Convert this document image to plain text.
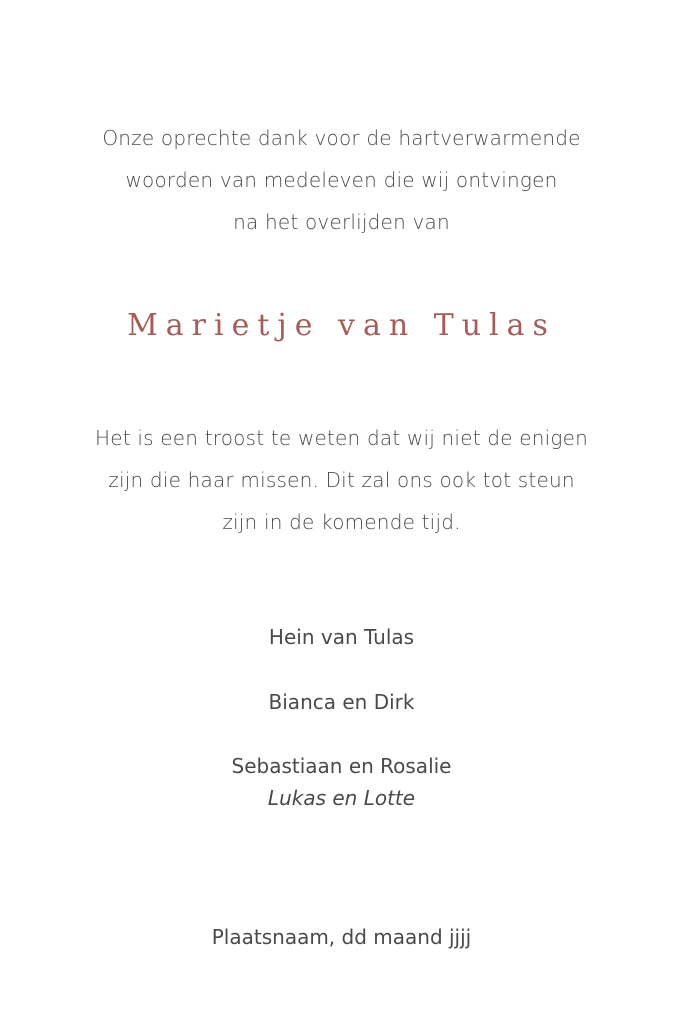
Onze oprechte dank voor de hartverwarmende
woorden van medeleven die wij ontvingen
na het overlijden van
Marietje van Tulas
Het is een troost te weten dat wij niet de enigen
zijn die haar missen. Dit zal ons ook tot steun
zijn in de komende tijd.
Hein van Tulas
Bianca en Dirk
Sebastiaan en Rosalie
Lukas en Lotte
Plaatsnaam, dd maand jjjj
